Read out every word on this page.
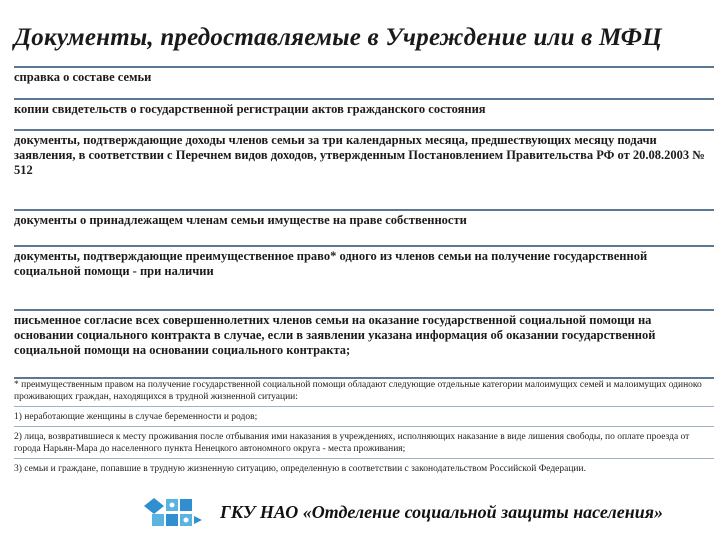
Документы, предоставляемые в Учреждение или в МФЦ
справка о составе семьи
копии свидетельств о государственной регистрации актов гражданского состояния
документы, подтверждающие доходы членов семьи за три календарных месяца, предшествующих месяцу подачи заявления, в соответствии с Перечнем видов доходов, утвержденным Постановлением Правительства РФ от 20.08.2003 № 512
документы о принадлежащем членам семьи имуществе на праве собственности
документы, подтверждающие преимущественное право* одного из членов семьи на получение государственной социальной помощи - при наличии
письменное согласие всех совершеннолетних членов семьи на оказание государственной социальной помощи на основании социального контракта в случае, если в заявлении указана информация об оказании государственной социальной помощи на основании социального контракта;
* преимущественным правом на получение государственной социальной помощи обладают следующие отдельные категории малоимущих семей и малоимущих одиноко проживающих граждан, находящихся в трудной жизненной ситуации:
1) неработающие женщины в случае беременности и родов;
2) лица, возвратившиеся к месту проживания после отбывания ими наказания в учреждениях, исполняющих наказание в виде лишения свободы, по оплате проезда от города Нарьян-Мара до населенного пункта Ненецкого автономного округа - места проживания;
3) семьи и граждане, попавшие в трудную жизненную ситуацию, определенную в соответствии с законодательством Российской Федерации.
ГКУ НАО «Отделение социальной защиты населения»
